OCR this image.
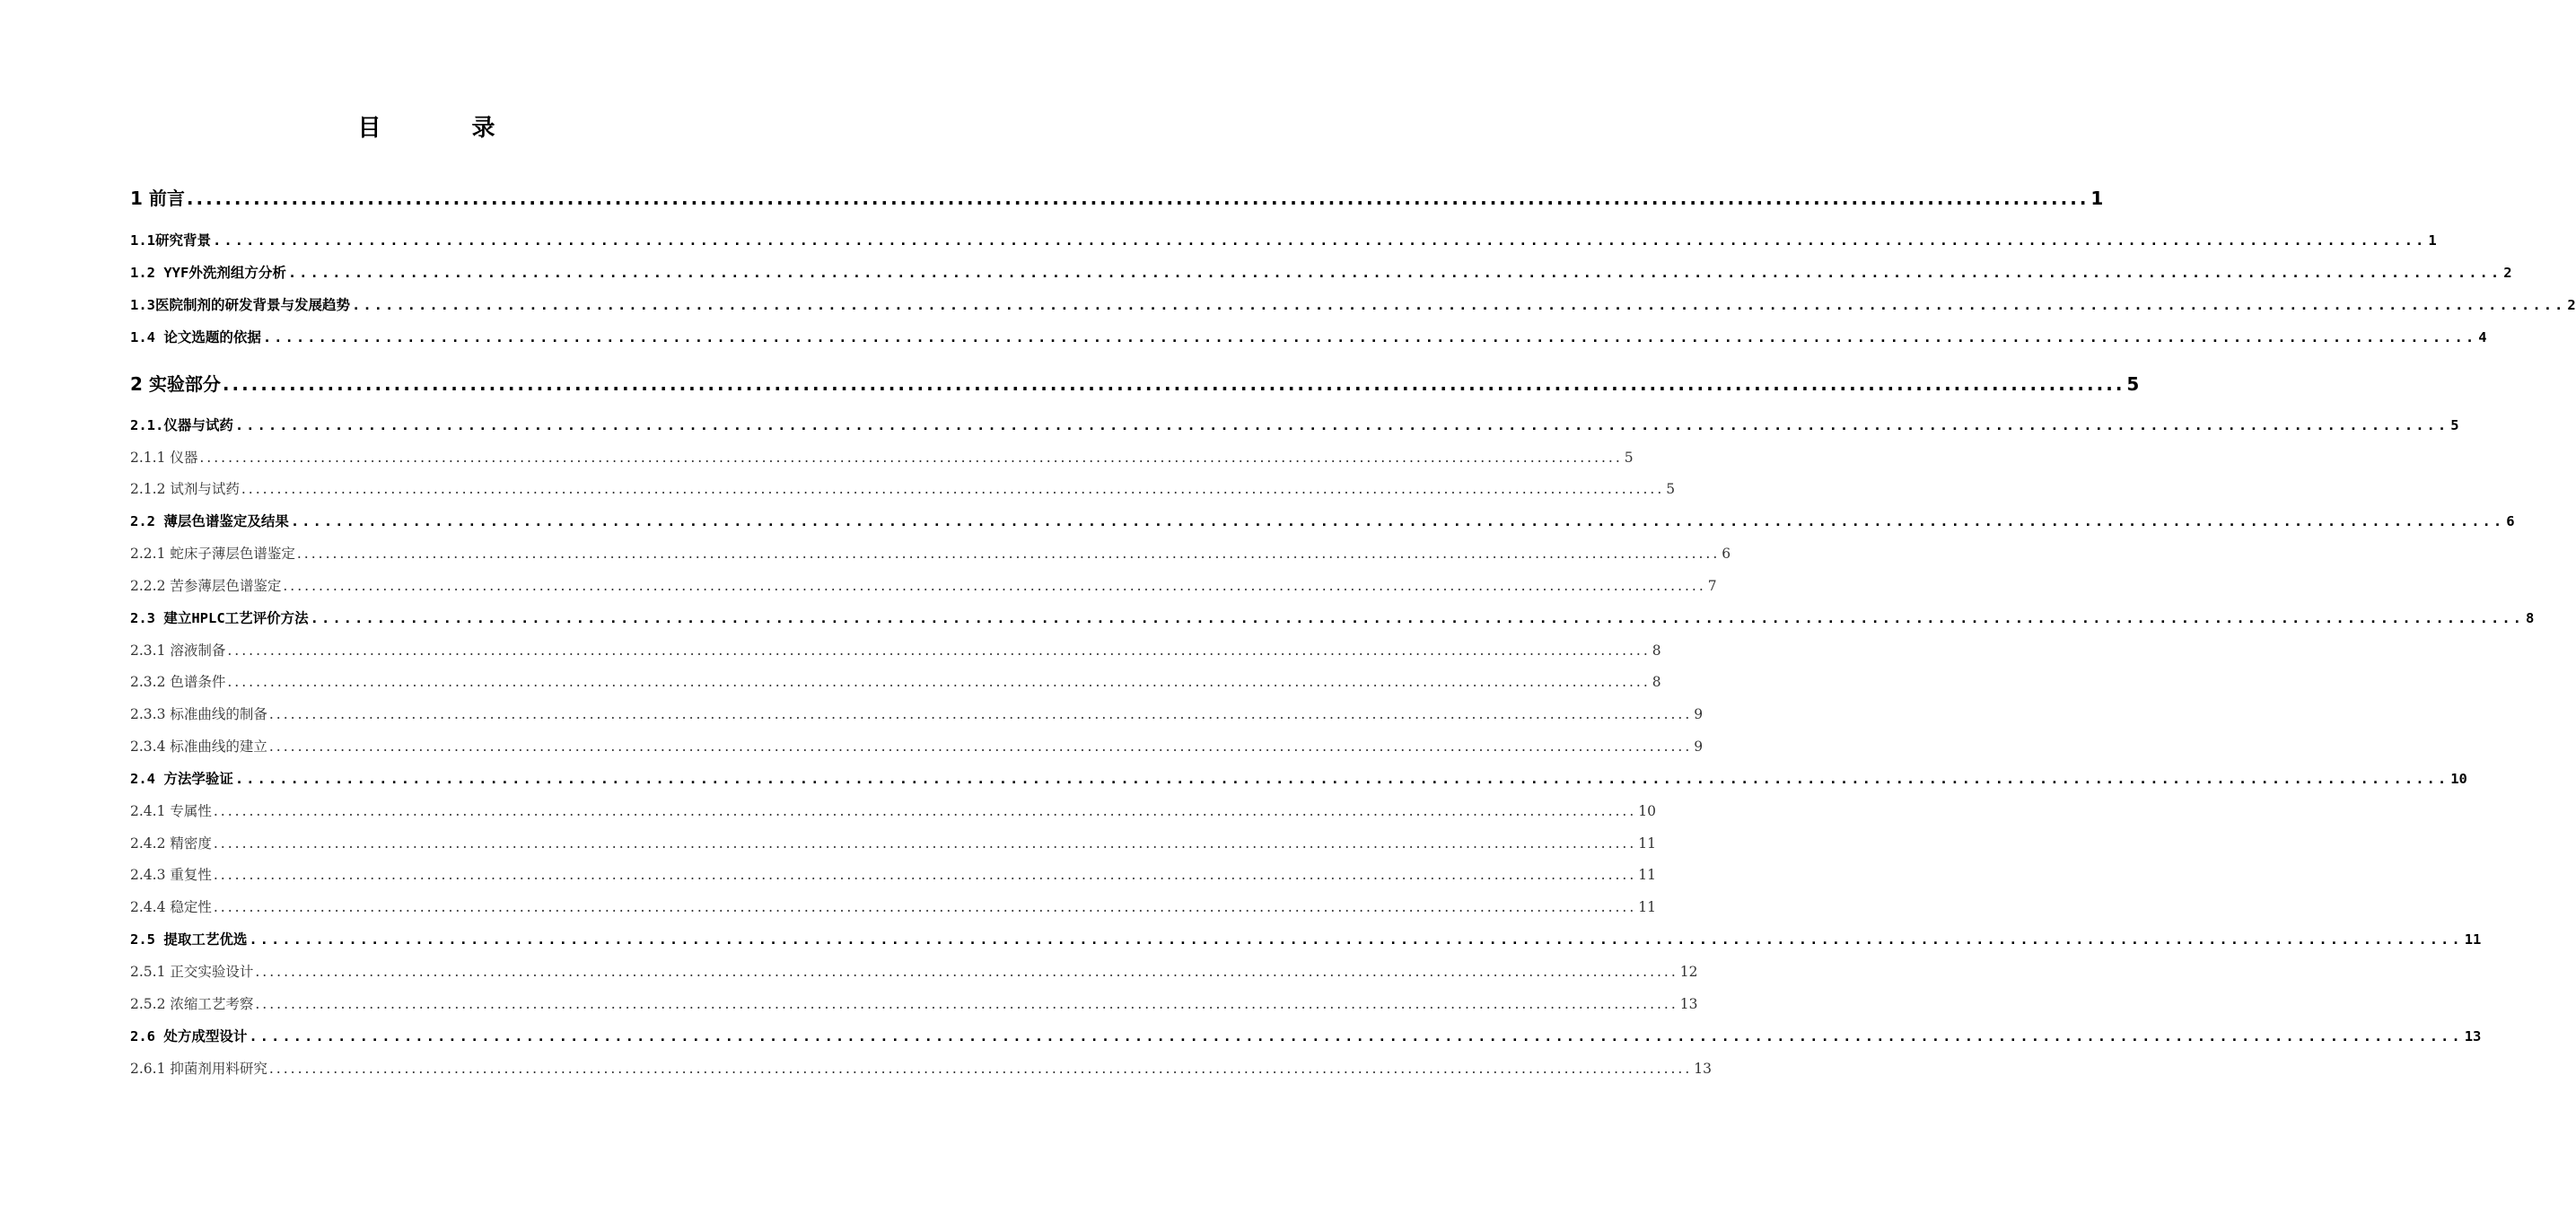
目 录
1 前言 ........................................................................................................................................................................................................ 1
1.1研究背景 ........................................................................................................................................................................................................ 1
1.2 YYF外洗剂组方分析 ........................................................................................................................................................................................................ 2
1.3医院制剂的研发背景与发展趋势 ........................................................................................................................................................................................................ 2
1.4 论文选题的依据 ........................................................................................................................................................................................................ 4
2 实验部分 ........................................................................................................................................................................................................ 5
2.1.仪器与试药 ........................................................................................................................................................................................................ 5
2.1.1 仪器 ........................................................................................................................................................................................................ 5
2.1.2 试剂与试药 ........................................................................................................................................................................................................ 5
2.2 薄层色谱鉴定及结果 ........................................................................................................................................................................................................ 6
2.2.1 蛇床子薄层色谱鉴定 ........................................................................................................................................................................................................ 6
2.2.2 苦参薄层色谱鉴定 ........................................................................................................................................................................................................ 7
2.3 建立HPLC工艺评价方法 ........................................................................................................................................................................................................ 8
2.3.1 溶液制备 ........................................................................................................................................................................................................ 8
2.3.2 色谱条件 ........................................................................................................................................................................................................ 8
2.3.3 标准曲线的制备 ........................................................................................................................................................................................................ 9
2.3.4 标准曲线的建立 ........................................................................................................................................................................................................ 9
2.4 方法学验证 ........................................................................................................................................................................................................ 10
2.4.1 专属性 ........................................................................................................................................................................................................ 10
2.4.2 精密度 ........................................................................................................................................................................................................ 11
2.4.3 重复性 ........................................................................................................................................................................................................ 11
2.4.4 稳定性 ........................................................................................................................................................................................................ 11
2.5 提取工艺优选 ........................................................................................................................................................................................................ 11
2.5.1 正交实验设计 ........................................................................................................................................................................................................ 12
2.5.2 浓缩工艺考察 ........................................................................................................................................................................................................ 13
2.6 处方成型设计 ........................................................................................................................................................................................................ 13
2.6.1 抑菌剂用料研究 ........................................................................................................................................................................................................ 13
